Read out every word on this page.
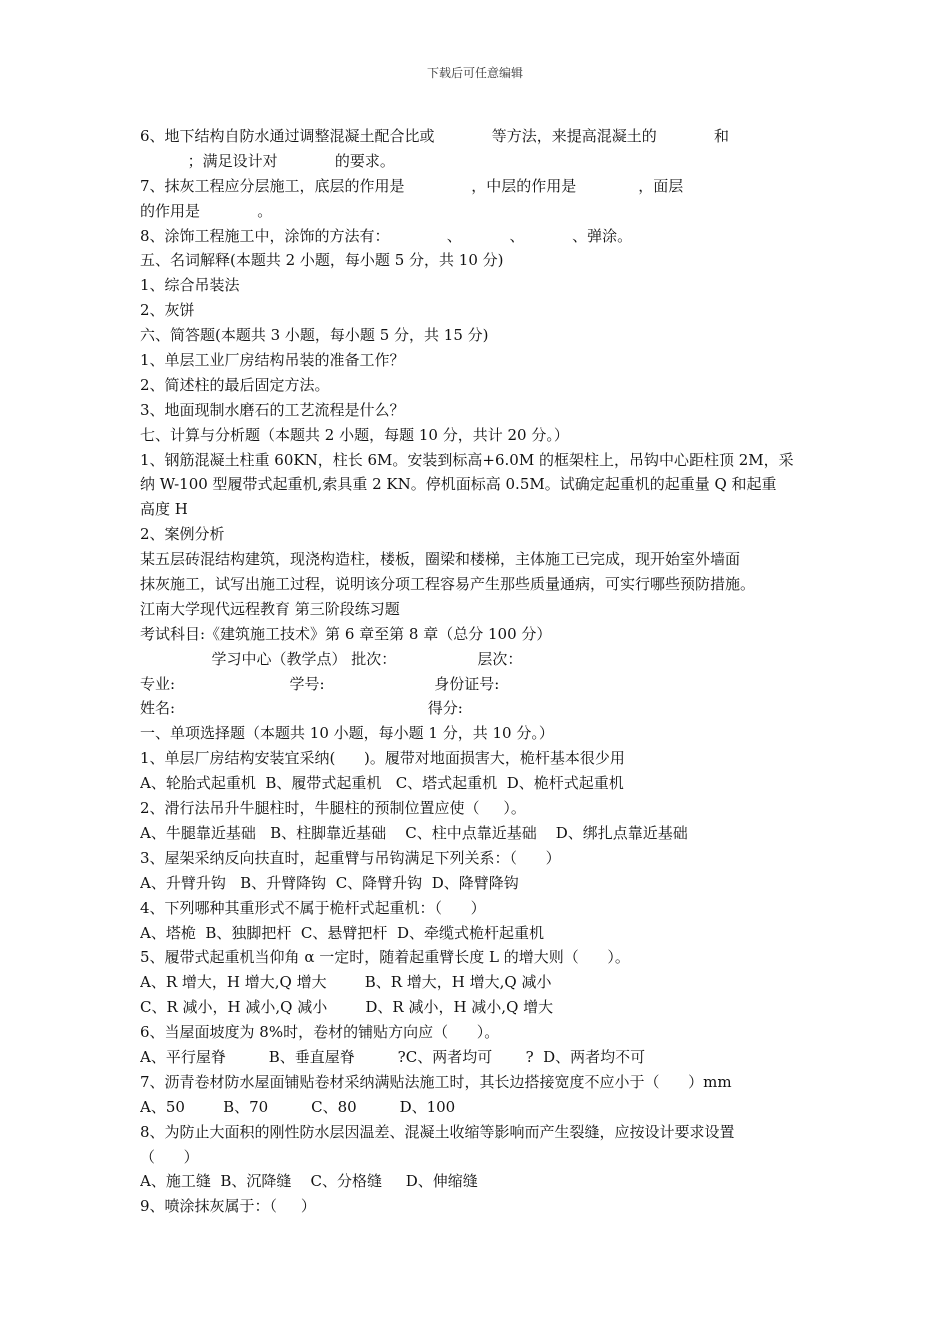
下载后可任意编辑
6、地下结构自防水通过调整混凝土配合比或            等方法，来提高混凝土的            和
；满足设计对            的要求。
7、抹灰工程应分层施工，底层的作用是              ，中层的作用是             ，面层
的作用是            。
8、涂饰工程施工中，涂饰的方法有：            、          、          、弹涂。
五、名词解释(本题共 2 小题，每小题 5 分，共 10 分)
1、综合吊装法
2、灰饼
六、简答题(本题共 3 小题，每小题 5 分，共 15 分)
1、单层工业厂房结构吊装的准备工作？
2、简述柱的最后固定方法。
3、地面现制水磨石的工艺流程是什么？
七、计算与分析题（本题共 2 小题，每题 10 分，共计 20 分。）
1、钢筋混凝土柱重 60KN，柱长 6M。安装到标高+6.0M 的框架柱上，吊钩中心距柱顶 2M，采
纳 W-100 型履带式起重机,索具重 2 KN。停机面标高 0.5M。试确定起重机的起重量 Q 和起重
高度 H
2、案例分析
某五层砖混结构建筑，现浇构造柱，楼板，圈梁和楼梯，主体施工已完成，现开始室外墙面
抹灰施工，试写出施工过程，说明该分项工程容易产生那些质量通病，可实行哪些预防措施。
江南大学现代远程教育 第三阶段练习题
考试科目:《建筑施工技术》第 6 章至第 8 章（总分 100 分）
学习中心（教学点） 批次：                 层次：
专业:                        学号:                       身份证号:
姓名:                                                     得分:
一、单项选择题（本题共 10 小题，每小题 1 分，共 10 分。）
1、单层厂房结构安装宜采纳(      )。履带对地面损害大，桅杆基本很少用
A、轮胎式起重机  B、履带式起重机   C、塔式起重机  D、桅杆式起重机
2、滑行法吊升牛腿柱时，牛腿柱的预制位置应使（     ）。
A、牛腿靠近基础   B、柱脚靠近基础    C、柱中点靠近基础    D、绑扎点靠近基础
3、屋架采纳反向扶直时，起重臂与吊钩满足下列关系：（      ）
A、升臂升钩   B、升臂降钩  C、降臂升钩  D、降臂降钩
4、下列哪种其重形式不属于桅杆式起重机：（      ）
A、塔桅  B、独脚把杆  C、悬臂把杆  D、牵缆式桅杆起重机
5、履带式起重机当仰角 α 一定时，随着起重臂长度 L 的增大则（      ）。
A、R 增大，H 增大,Q 增大        B、R 增大，H 增大,Q 减小
C、R 减小，H 减小,Q 减小        D、R 减小，H 减小,Q 增大
6、当屋面坡度为 8%时，卷材的铺贴方向应（      ）。
A、平行屋脊         B、垂直屋脊         ?C、两者均可       ?  D、两者均不可
7、沥青卷材防水屋面铺贴卷材采纳满贴法施工时，其长边搭接宽度不应小于（      ）mm
A、50        B、70         C、80         D、100
8、为防止大面积的刚性防水层因温差、混凝土收缩等影响而产生裂缝，应按设计要求设置
（      ）
A、施工缝  B、沉降缝    C、分格缝     D、伸缩缝
9、喷涂抹灰属于：（     ）
